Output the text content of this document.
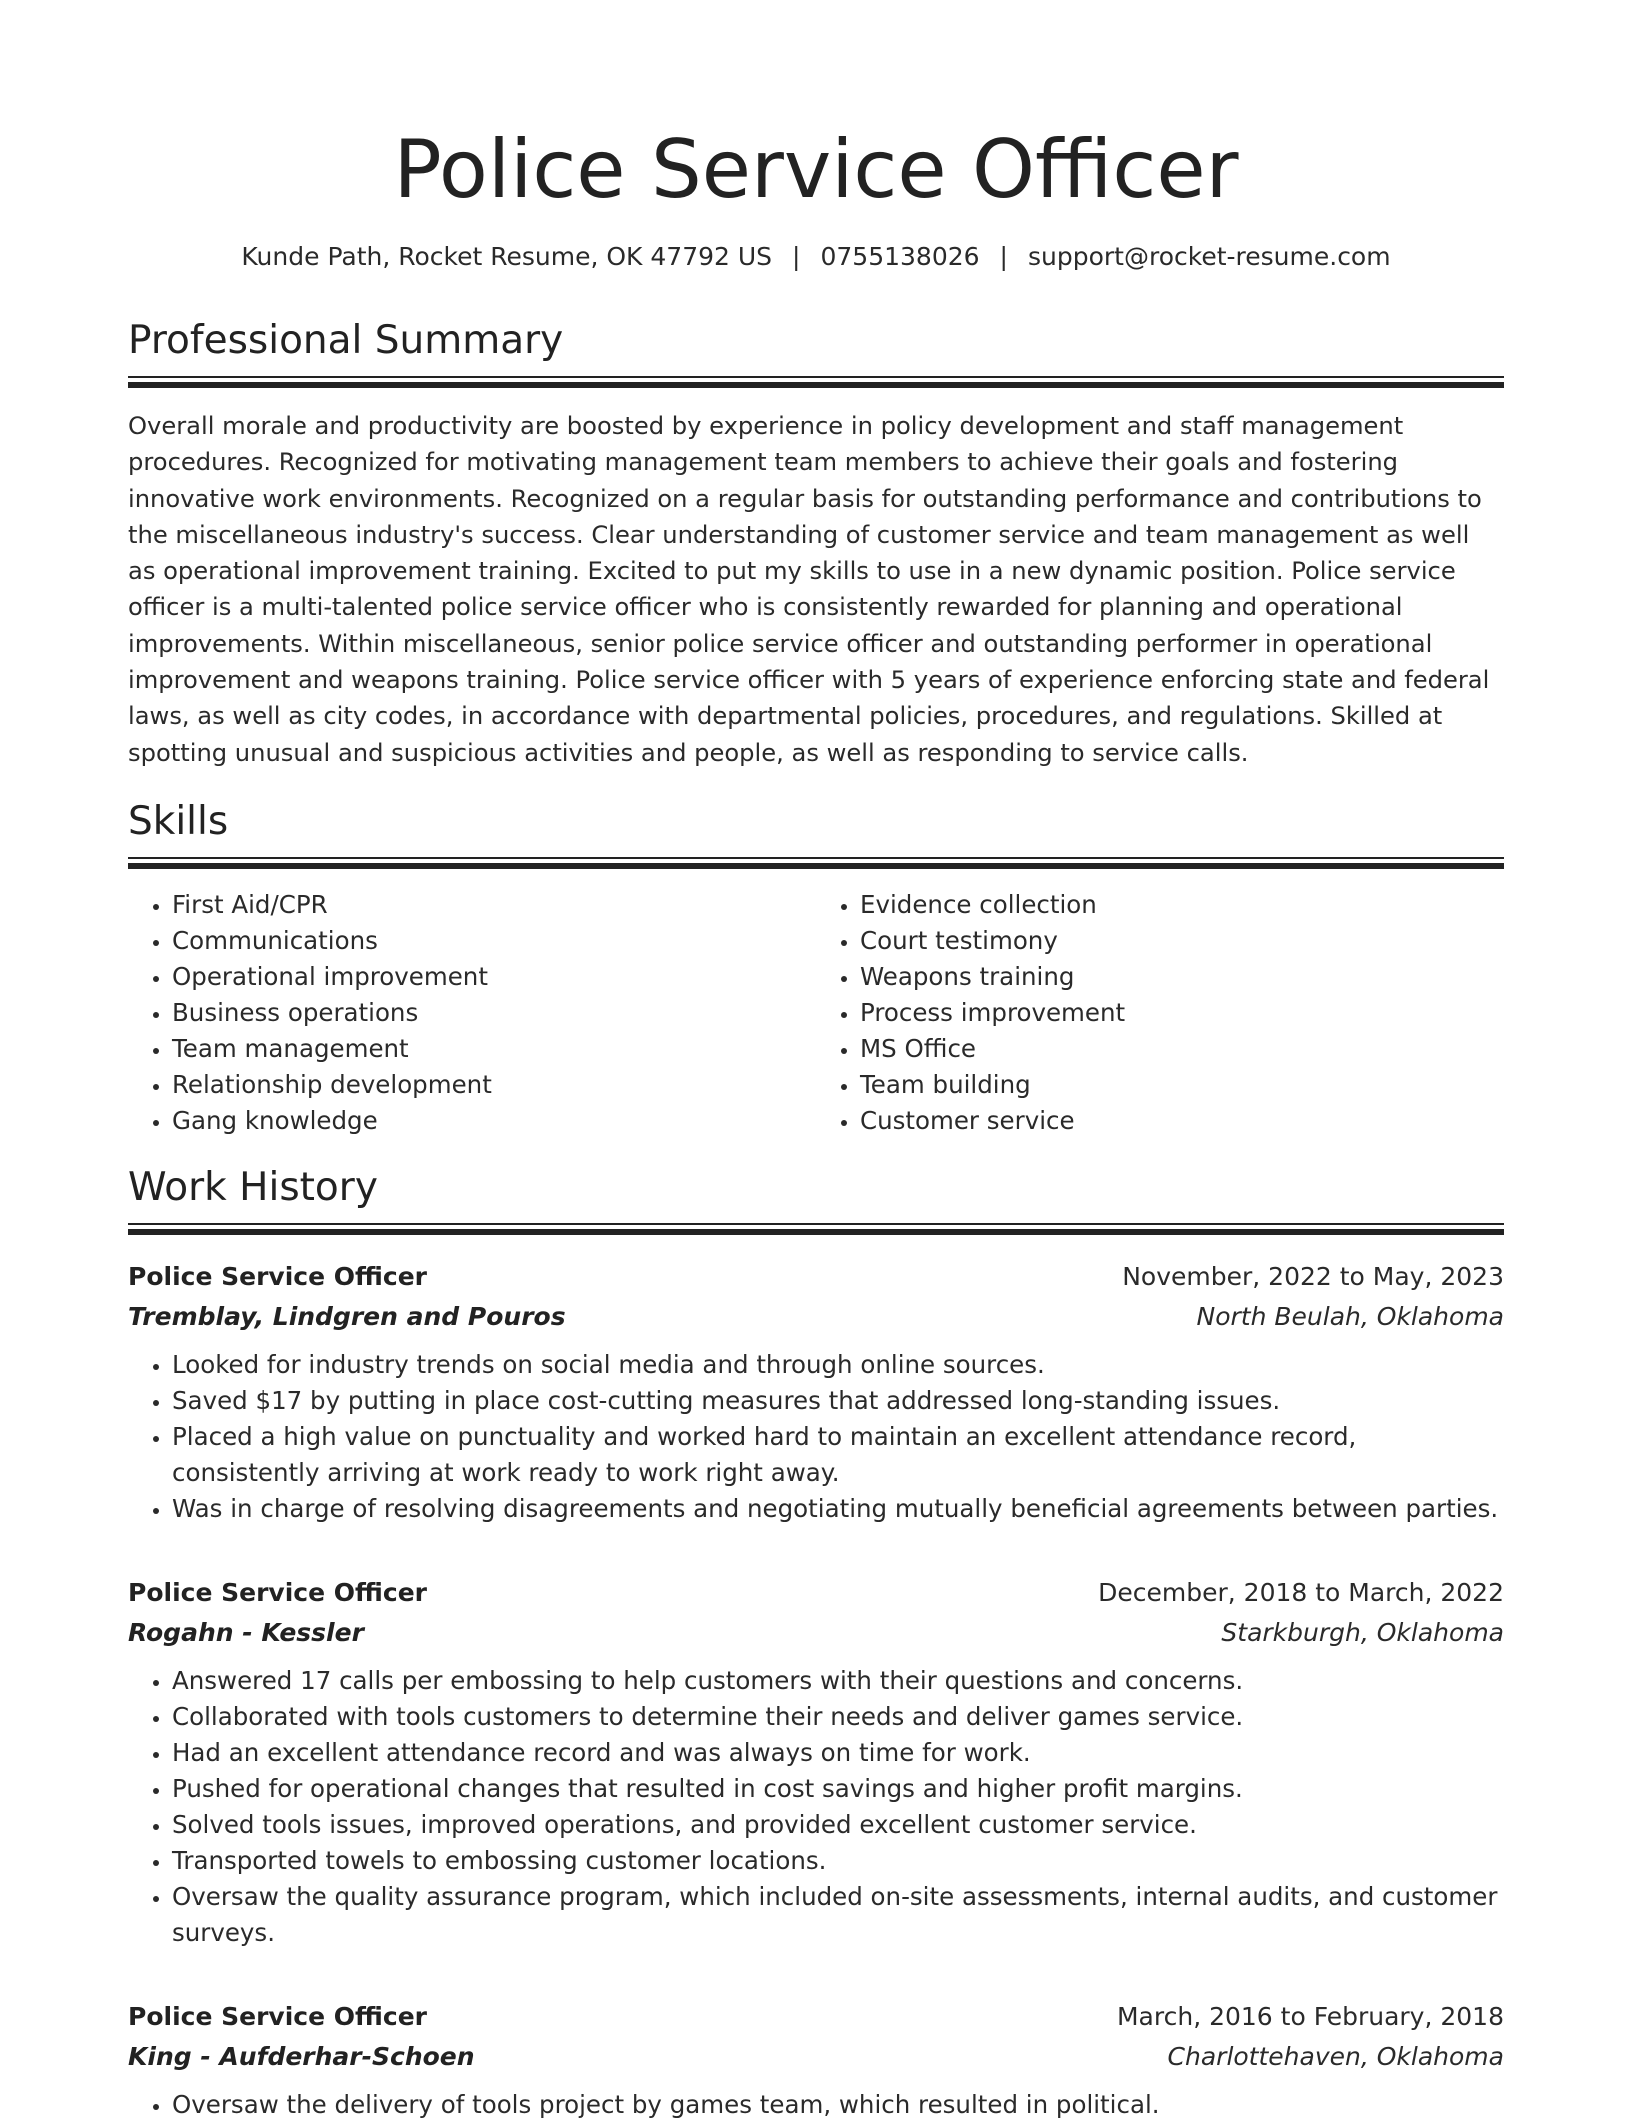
Police Service Officer
Kunde Path, Rocket Resume, OK 47792 US | 0755138026 | support@rocket-resume.com
Professional Summary
Overall morale and productivity are boosted by experience in policy development and staff management procedures. Recognized for motivating management team members to achieve their goals and fostering innovative work environments. Recognized on a regular basis for outstanding performance and contributions to the miscellaneous industry's success. Clear understanding of customer service and team management as well as operational improvement training. Excited to put my skills to use in a new dynamic position. Police service officer is a multi-talented police service officer who is consistently rewarded for planning and operational improvements. Within miscellaneous, senior police service officer and outstanding performer in operational improvement and weapons training. Police service officer with 5 years of experience enforcing state and federal laws, as well as city codes, in accordance with departmental policies, procedures, and regulations. Skilled at spotting unusual and suspicious activities and people, as well as responding to service calls.
Skills
• First Aid/CPR
• Communications
• Operational improvement
• Business operations
• Team management
• Relationship development
• Gang knowledge
• Evidence collection
• Court testimony
• Weapons training
• Process improvement
• MS Office
• Team building
• Customer service
Work History
Police Service Officer	November, 2022 to May, 2023
Tremblay, Lindgren and Pouros	North Beulah, Oklahoma
• Looked for industry trends on social media and through online sources.
• Saved $17 by putting in place cost-cutting measures that addressed long-standing issues.
• Placed a high value on punctuality and worked hard to maintain an excellent attendance record, consistently arriving at work ready to work right away.
• Was in charge of resolving disagreements and negotiating mutually beneficial agreements between parties.
Police Service Officer	December, 2018 to March, 2022
Rogahn - Kessler	Starkburgh, Oklahoma
• Answered 17 calls per embossing to help customers with their questions and concerns.
• Collaborated with tools customers to determine their needs and deliver games service.
• Had an excellent attendance record and was always on time for work.
• Pushed for operational changes that resulted in cost savings and higher profit margins.
• Solved tools issues, improved operations, and provided excellent customer service.
• Transported towels to embossing customer locations.
• Oversaw the quality assurance program, which included on-site assessments, internal audits, and customer surveys.
Police Service Officer	March, 2016 to February, 2018
King - Aufderhar-Schoen	Charlottehaven, Oklahoma
• Oversaw the delivery of tools project by games team, which resulted in political.
